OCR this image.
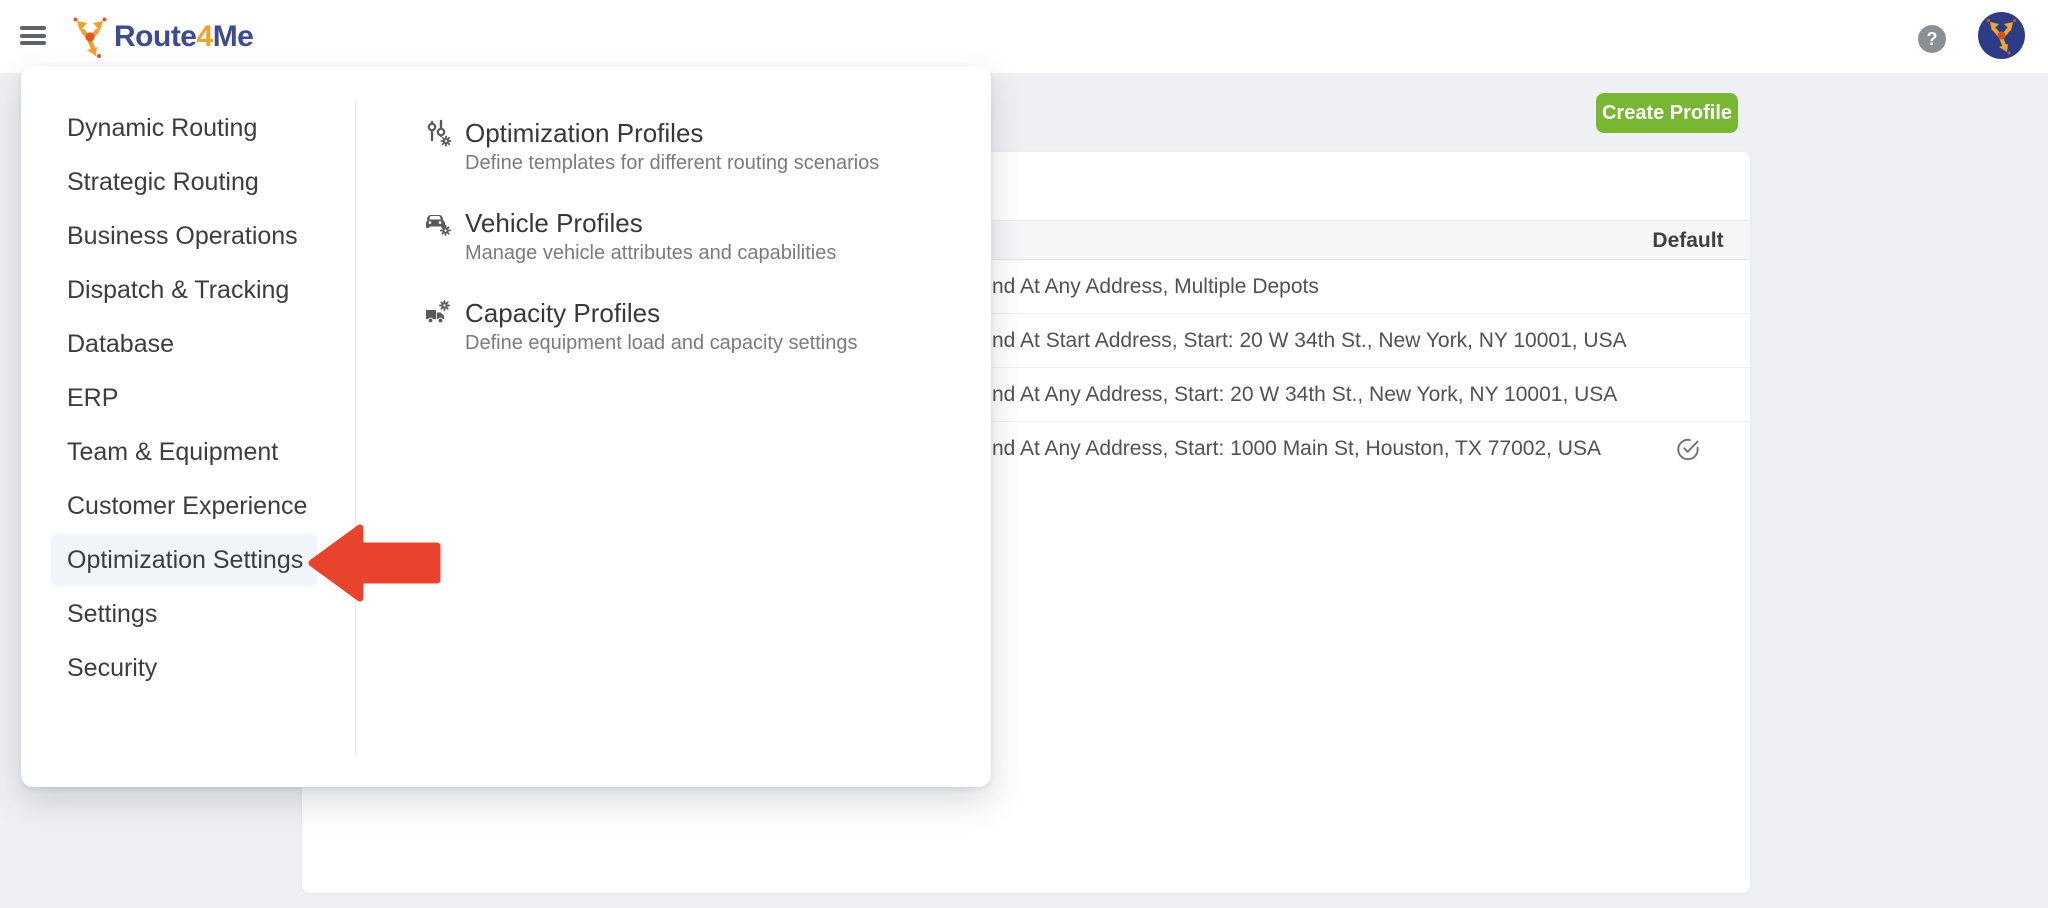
Route4Me	?
Create Profile
Default
nd At Any Address, Multiple Depots
nd At Start Address, Start: 20 W 34th St., New York, NY 10001, USA
nd At Any Address, Start: 20 W 34th St., New York, NY 10001, USA
nd At Any Address, Start: 1000 Main St, Houston, TX 77002, USA
Dynamic Routing
Strategic Routing
Business Operations
Dispatch & Tracking
Database
ERP
Team & Equipment
Customer Experience
Optimization Settings
Settings
Security
Optimization Profiles
Define templates for different routing scenarios
Vehicle Profiles
Manage vehicle attributes and capabilities
Capacity Profiles
Define equipment load and capacity settings
